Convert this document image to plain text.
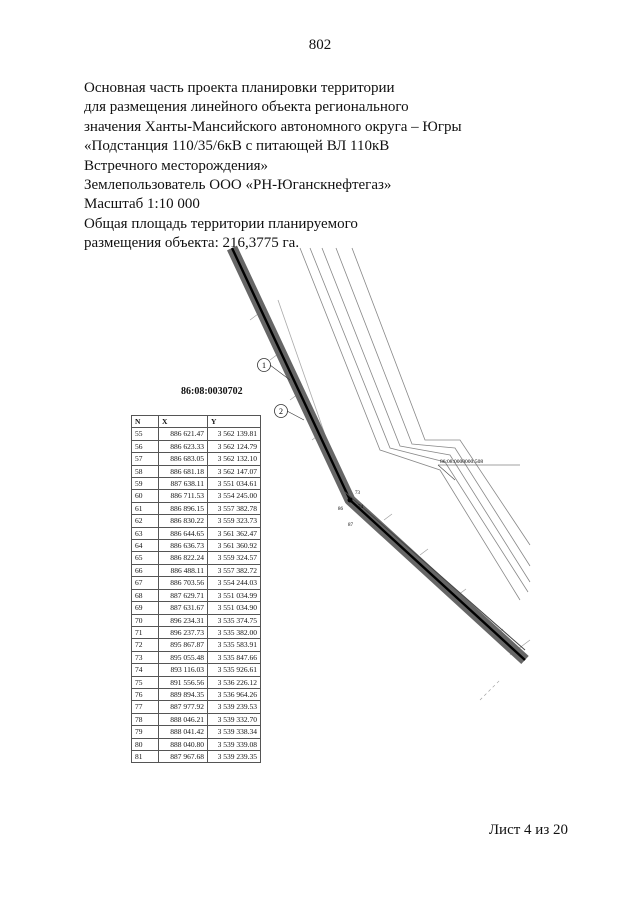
802
Основная часть проекта планировки территории
для размещения линейного объекта регионального
значения Ханты-Мансийского автономного округа – Югры
«Подстанция 110/35/6кВ с питающей ВЛ 110кВ
Встречного месторождения»
Землепользователь ООО «РН-Юганскнефтегаз»
Масштаб 1:10 000
Общая площадь территории планируемого
размещения объекта: 216,3775 га.
1
2
73
74
86
87
86:08:0000000:508
86:08:0030702
N	X	Y
55	886 621.47	3 562 139.81
56	886 623.33	3 562 124.79
57	886 683.05	3 562 132.10
58	886 681.18	3 562 147.07
59	887 638.11	3 551 034.61
60	886 711.53	3 554 245.00
61	886 896.15	3 557 382.78
62	886 830.22	3 559 323.73
63	886 644.65	3 561 362.47
64	886 636.73	3 561 360.92
65	886 822.24	3 559 324.57
66	886 488.11	3 557 382.72
67	886 703.56	3 554 244.03
68	887 629.71	3 551 034.99
69	887 631.67	3 551 034.90
70	896 234.31	3 535 374.75
71	896 237.73	3 535 382.00
72	895 867.87	3 535 583.91
73	895 055.48	3 535 847.66
74	893 116.03	3 535 926.61
75	891 556.56	3 536 226.12
76	889 894.35	3 536 964.26
77	887 977.92	3 539 239.53
78	888 046.21	3 539 332.70
79	888 041.42	3 539 338.34
80	888 040.80	3 539 339.08
81	887 967.68	3 539 239.35
Лист 4 из 20
